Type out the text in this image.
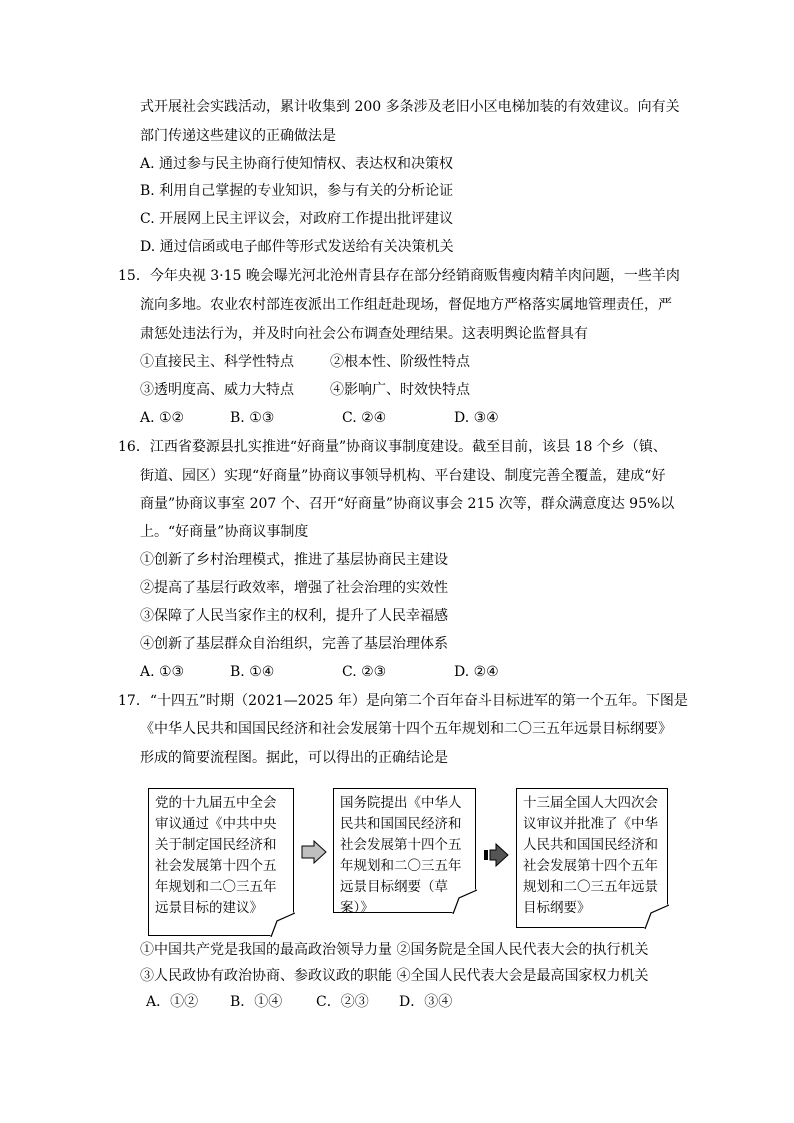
式开展社会实践活动，累计收集到 200 多条涉及老旧小区电梯加装的有效建议。向有关
部门传递这些建议的正确做法是
A. 通过参与民主协商行使知情权、表达权和决策权
B. 利用自己掌握的专业知识，参与有关的分析论证
C. 开展网上民主评议会，对政府工作提出批评建议
D. 通过信函或电子邮件等形式发送给有关决策机关
15．今年央视 3·15 晚会曝光河北沧州青县存在部分经销商贩售瘦肉精羊肉问题，一些羊肉
流向多地。农业农村部连夜派出工作组赶赴现场，督促地方严格落实属地管理责任，严
肃惩处违法行为，并及时向社会公布调查处理结果。这表明舆论监督具有
①直接民主、科学性特点	②根本性、阶级性特点
③透明度高、威力大特点	④影响广、时效快特点
A. ①②	B. ①③	C. ②④	D. ③④
16．江西省婺源县扎实推进“好商量”协商议事制度建设。截至目前，该县 18 个乡（镇、
街道、园区）实现“好商量”协商议事领导机构、平台建设、制度完善全覆盖，建成“好
商量”协商议事室 207 个、召开“好商量”协商议事会 215 次等，群众满意度达 95%以
上。“好商量”协商议事制度
①创新了乡村治理模式，推进了基层协商民主建设
②提高了基层行政效率，增强了社会治理的实效性
③保障了人民当家作主的权利，提升了人民幸福感
④创新了基层群众自治组织，完善了基层治理体系
A. ①③	B. ①④	C. ②③	D. ②④
17．“十四五”时期（2021—2025 年）是向第二个百年奋斗目标进军的第一个五年。下图是
《中华人民共和国国民经济和社会发展第十四个五年规划和二〇三五年远景目标纲要》
形成的简要流程图。据此，可以得出的正确结论是
党的十九届五中全会审议通过《中共中央关于制定国民经济和社会发展第十四个五年规划和二〇三五年远景目标的建议》
国务院提出《中华人民共和国国民经济和社会发展第十四个五年规划和二〇三五年远景目标纲要（草案）》
十三届全国人大四次会议审议并批准了《中华人民共和国国民经济和社会发展第十四个五年规划和二〇三五年远景目标纲要》
①中国共产党是我国的最高政治领导力量 ②国务院是全国人民代表大会的执行机关
③人民政协有政治协商、参政议政的职能 ④全国人民代表大会是最高国家权力机关
A．①② B．①④ C．②③ D．③④
